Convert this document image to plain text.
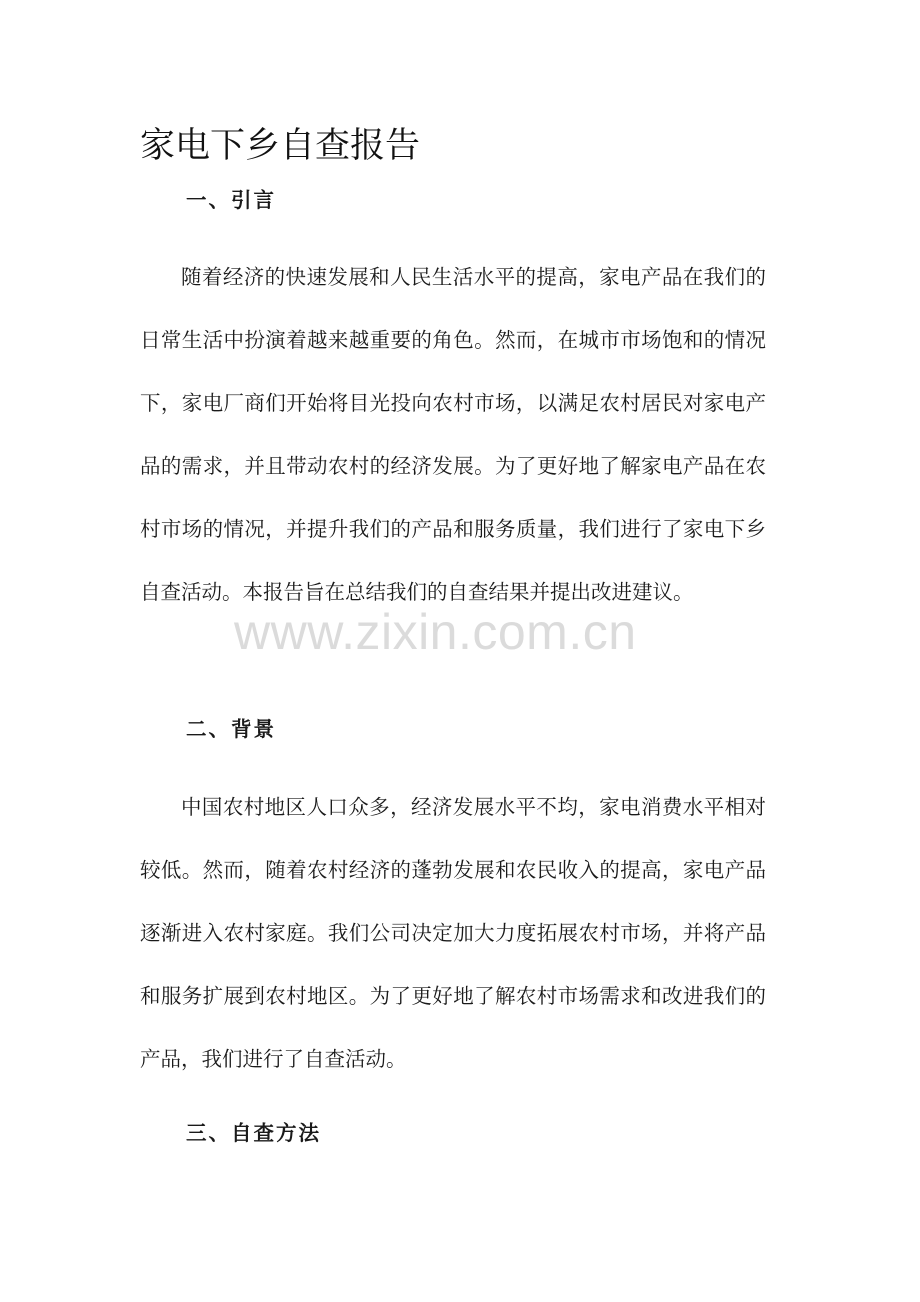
家电下乡自查报告
一、引言

随着经济的快速发展和人民生活水平的提高，家电产品在我们的日常生活中扮演着越来越重要的角色。然而，在城市市场饱和的情况下，家电厂商们开始将目光投向农村市场，以满足农村居民对家电产品的需求，并且带动农村的经济发展。为了更好地了解家电产品在农村市场的情况，并提升我们的产品和服务质量，我们进行了家电下乡自查活动。本报告旨在总结我们的自查结果并提出改进建议。

二、背景

中国农村地区人口众多，经济发展水平不均，家电消费水平相对较低。然而，随着农村经济的蓬勃发展和农民收入的提高，家电产品逐渐进入农村家庭。我们公司决定加大力度拓展农村市场，并将产品和服务扩展到农村地区。为了更好地了解农村市场需求和改进我们的产品，我们进行了自查活动。

三、自查方法
www.zixin.com.cn
